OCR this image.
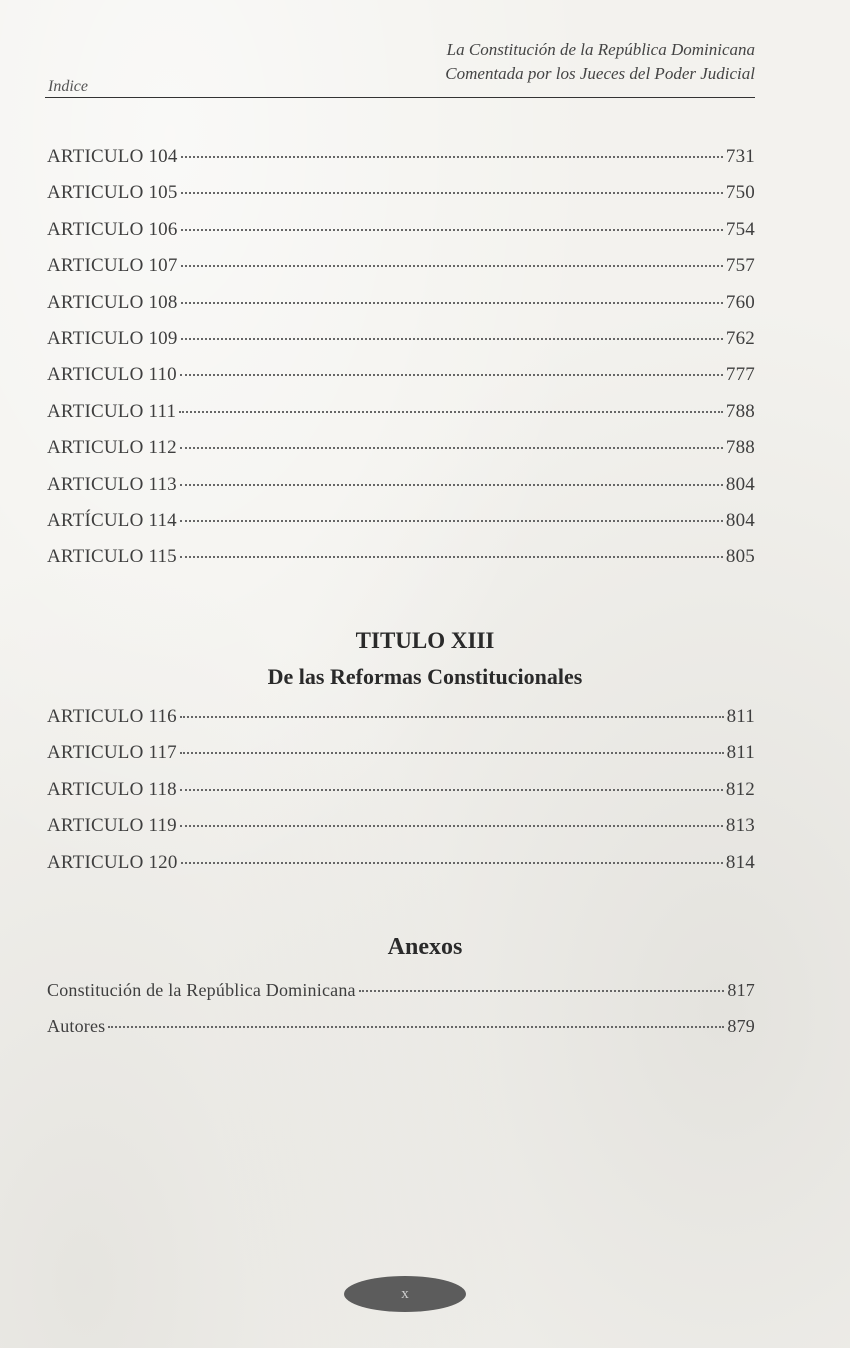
La Constitución de la República Dominicana
Comentada por los Jueces del Poder Judicial
Indice
ARTICULO 104	731
ARTICULO 105	750
ARTICULO 106	754
ARTICULO 107	757
ARTICULO 108	760
ARTICULO 109	762
ARTICULO 110	777
ARTICULO 111	788
ARTICULO 112	788
ARTICULO 113	804
ARTÍCULO 114	804
ARTICULO 115	805
TITULO XIII
De las Reformas Constitucionales
ARTICULO 116	811
ARTICULO 117	811
ARTICULO 118	812
ARTICULO 119	813
ARTICULO 120	814
Anexos
Constitución de la República Dominicana	817
Autores	879
x
